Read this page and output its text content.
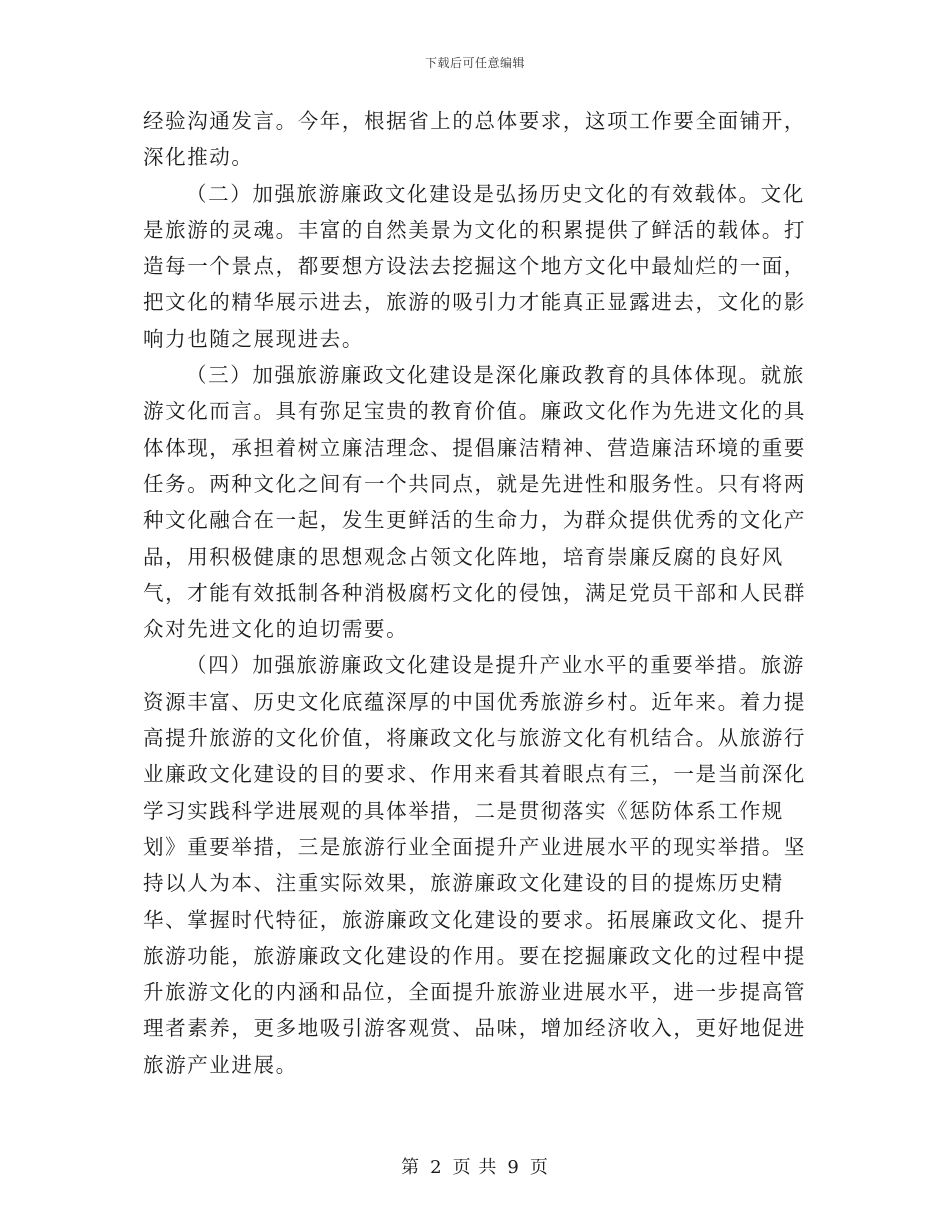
下载后可任意编辑

经验沟通发言。今年，根据省上的总体要求，这项工作要全面铺开，深化推动。

（二）加强旅游廉政文化建设是弘扬历史文化的有效载体。文化是旅游的灵魂。丰富的自然美景为文化的积累提供了鲜活的载体。打造每一个景点，都要想方设法去挖掘这个地方文化中最灿烂的一面，把文化的精华展示进去，旅游的吸引力才能真正显露进去，文化的影响力也随之展现进去。

（三）加强旅游廉政文化建设是深化廉政教育的具体体现。就旅游文化而言。具有弥足宝贵的教育价值。廉政文化作为先进文化的具体体现，承担着树立廉洁理念、提倡廉洁精神、营造廉洁环境的重要任务。两种文化之间有一个共同点，就是先进性和服务性。只有将两种文化融合在一起，发生更鲜活的生命力，为群众提供优秀的文化产品，用积极健康的思想观念占领文化阵地，培育崇廉反腐的良好风气，才能有效抵制各种消极腐朽文化的侵蚀，满足党员干部和人民群众对先进文化的迫切需要。

（四）加强旅游廉政文化建设是提升产业水平的重要举措。旅游资源丰富、历史文化底蕴深厚的中国优秀旅游乡村。近年来。着力提高提升旅游的文化价值，将廉政文化与旅游文化有机结合。从旅游行业廉政文化建设的目的要求、作用来看其着眼点有三，一是当前深化学习实践科学进展观的具体举措，二是贯彻落实《惩防体系工作规划》重要举措，三是旅游行业全面提升产业进展水平的现实举措。坚持以人为本、注重实际效果，旅游廉政文化建设的目的提炼历史精华、掌握时代特征，旅游廉政文化建设的要求。拓展廉政文化、提升旅游功能，旅游廉政文化建设的作用。要在挖掘廉政文化的过程中提升旅游文化的内涵和品位，全面提升旅游业进展水平，进一步提高管理者素养，更多地吸引游客观赏、品味，增加经济收入，更好地促进旅游产业进展。

第 2 页 共 9 页
